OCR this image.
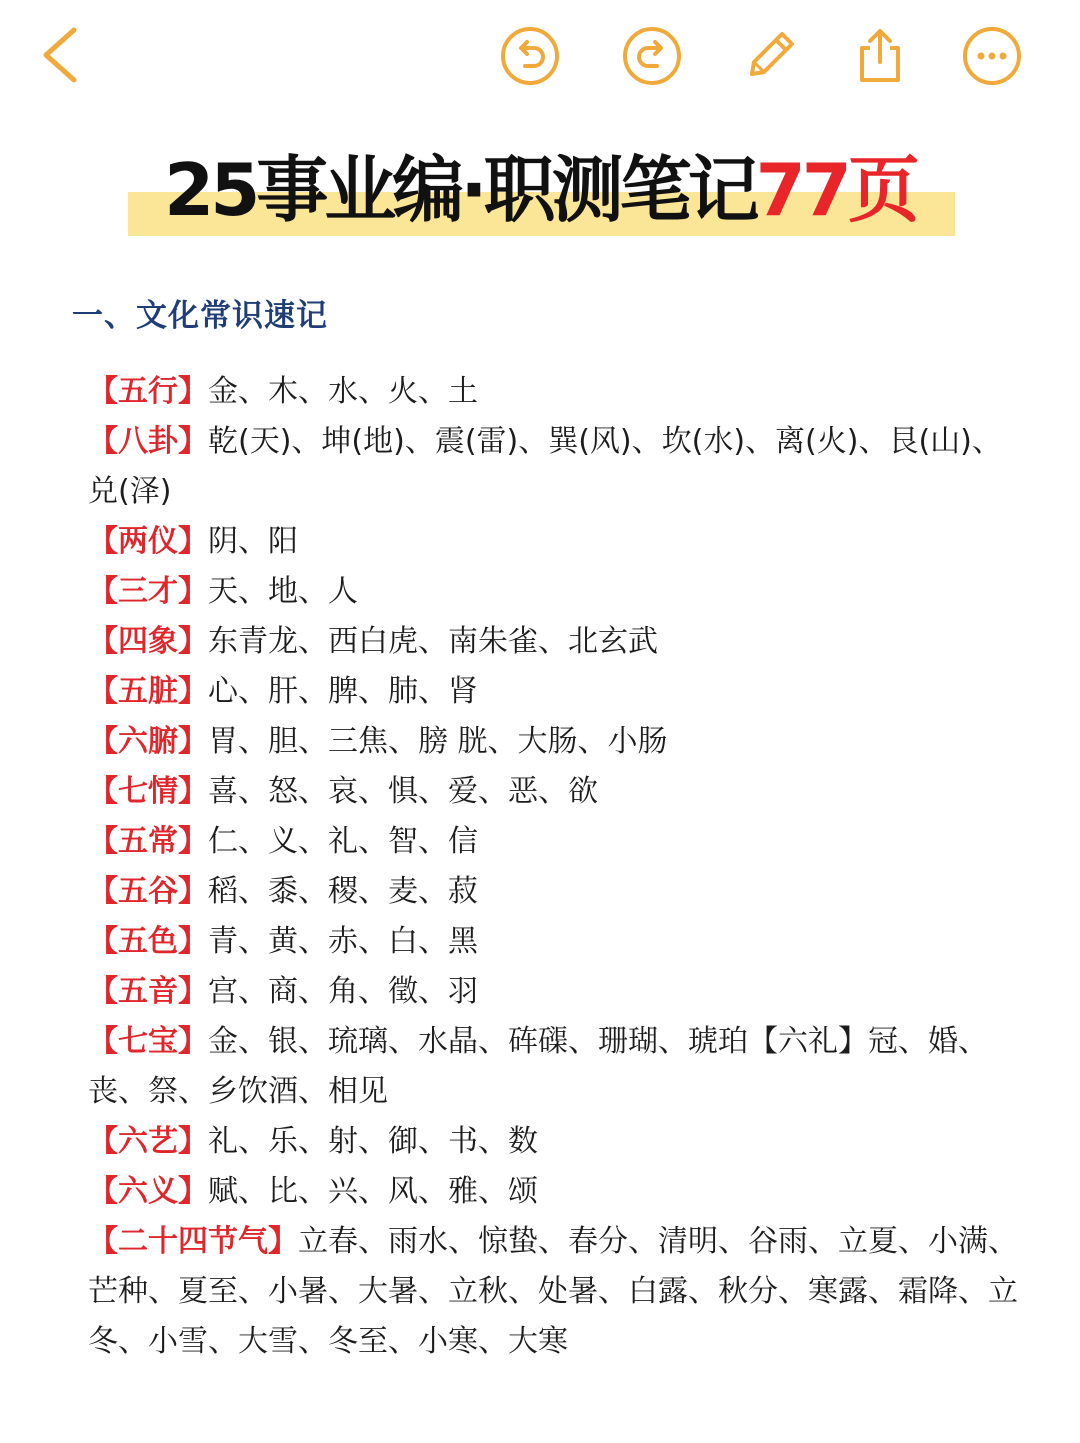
25事业编·职测笔记77页
一、文化常识速记

【五行】金、木、水、火、土

【八卦】乾(天)、坤(地)、震(雷)、巽(风)、坎(水)、离(火)、艮(山)、兑(泽)

【两仪】阴、阳

【三才】天、地、人

【四象】东青龙、西白虎、南朱雀、北玄武

【五脏】心、肝、脾、肺、肾

【六腑】胃、胆、三焦、膀 胱、大肠、小肠

【七情】喜、怒、哀、惧、爱、恶、欲

【五常】仁、义、礼、智、信

【五谷】稻、黍、稷、麦、菽

【五色】青、黄、赤、白、黑

【五音】宫、商、角、徵、羽

【七宝】金、银、琉璃、水晶、砗磲、珊瑚、琥珀【六礼】冠、婚、丧、祭、乡饮酒、相见

【六艺】礼、乐、射、御、书、数

【六义】赋、比、兴、风、雅、颂

【二十四节气】立春、雨水、惊蛰、春分、清明、谷雨、立夏、小满、芒种、夏至、小暑、大暑、立秋、处暑、白露、秋分、寒露、霜降、立冬、小雪、大雪、冬至、小寒、大寒
